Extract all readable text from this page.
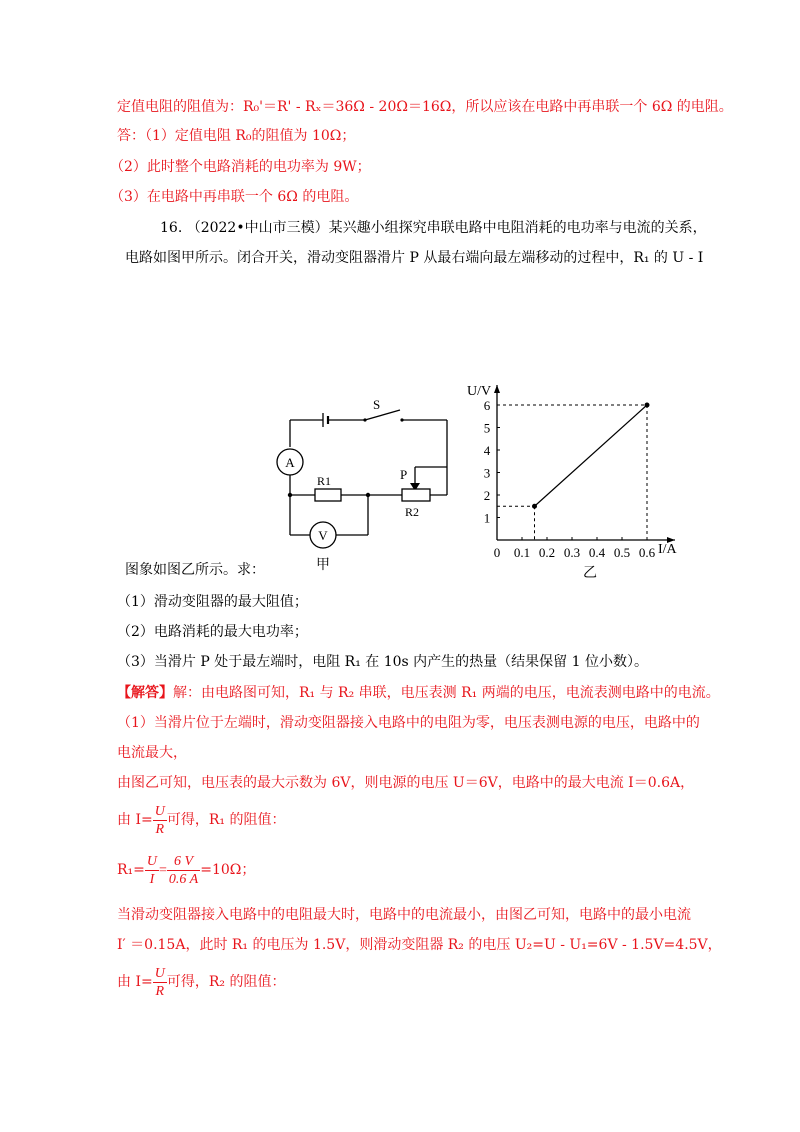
定值电阻的阻值为：R₀'＝R' ‑ Rₓ＝36Ω ‑ 20Ω＝16Ω，所以应该在电路中再串联一个 6Ω 的电阻。
答：（1）定值电阻 R₀的阻值为 10Ω；
（2）此时整个电路消耗的电功率为 9W；
（3）在电路中再串联一个 6Ω 的电阻。
16. （2022•中山市三模）某兴趣小组探究串联电路中电阻消耗的电功率与电流的关系，
电路如图甲所示。闭合开关，滑动变阻器滑片 P 从最右端向最左端移动的过程中，R₁ 的 U ‑ I
S
P
A
R1
R2
V
甲
U/V
I/A
乙
0 0.1 0.2 0.3 0.4 0.5 0.6
1
2
3
4
5
6
图象如图乙所示。求：
（1）滑动变阻器的最大阻值；
（2）电路消耗的最大电功率；
（3）当滑片 P 处于最左端时，电阻 R₁ 在 10s 内产生的热量（结果保留 1 位小数）。
【解答】解：由电路图可知，R₁ 与 R₂ 串联，电压表测 R₁ 两端的电压，电流表测电路中的电流。
（1）当滑片位于左端时，滑动变阻器接入电路中的电阻为零，电压表测电源的电压，电路中的
电流最大，
由图乙可知，电压表的最大示数为 6V，则电源的电压 U＝6V，电路中的最大电流 I＝0.6A，
由 $I= \frac{U}{R}$ 可得，R₁ 的阻值：
$R_1= \frac{U}{I} = \frac{6 V}{0.6 A} =10\Omega$；
当滑动变阻器接入电路中的电阻最大时，电路中的电流最小，由图乙可知，电路中的最小电流
I′ ＝0.15A，此时 R₁ 的电压为 1.5V，则滑动变阻器 R₂ 的电压 U₂=U ‑ U₁=6V ‑ 1.5V=4.5V，
由 $I= \frac{U}{R}$ 可得，R₂ 的阻值：
